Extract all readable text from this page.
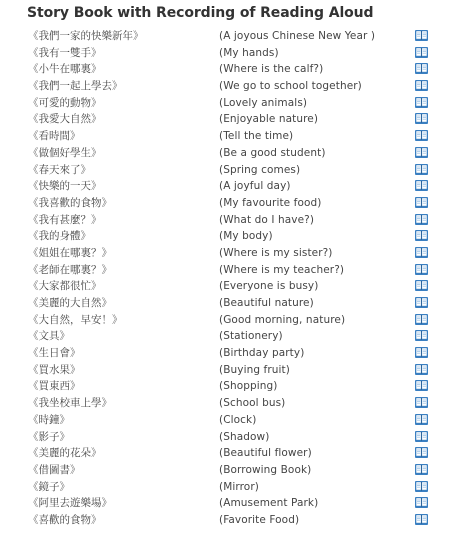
Story Book with Recording of Reading Aloud
《我們一家的快樂新年》	(A joyous Chinese New Year )
《我有一雙手》	(My hands)
《小牛在哪裏》	(Where is the calf?)
《我們一起上學去》	(We go to school together)
《可愛的動物》	(Lovely animals)
《我愛大自然》	(Enjoyable nature)
《看時間》	(Tell the time)
《做個好學生》	(Be a good student)
《春天來了》	(Spring comes)
《快樂的一天》	(A joyful day)
《我喜歡的食物》	(My favourite food)
《我有甚麼？》	(What do I have?)
《我的身體》	(My body)
《姐姐在哪裏？》	(Where is my sister?)
《老師在哪裏？》	(Where is my teacher?)
《大家都很忙》	(Everyone is busy)
《美麗的大自然》	(Beautiful nature)
《大自然，早安！》	(Good morning, nature)
《文具》	(Stationery)
《生日會》	(Birthday party)
《買水果》	(Buying fruit)
《買東西》	(Shopping)
《我坐校車上學》	(School bus)
《時鐘》	(Clock)
《影子》	(Shadow)
《美麗的花朵》	(Beautiful flower)
《借圖書》	(Borrowing Book)
《鏡子》	(Mirror)
《阿里去遊樂場》	(Amusement Park)
《喜歡的食物》	(Favorite Food)
